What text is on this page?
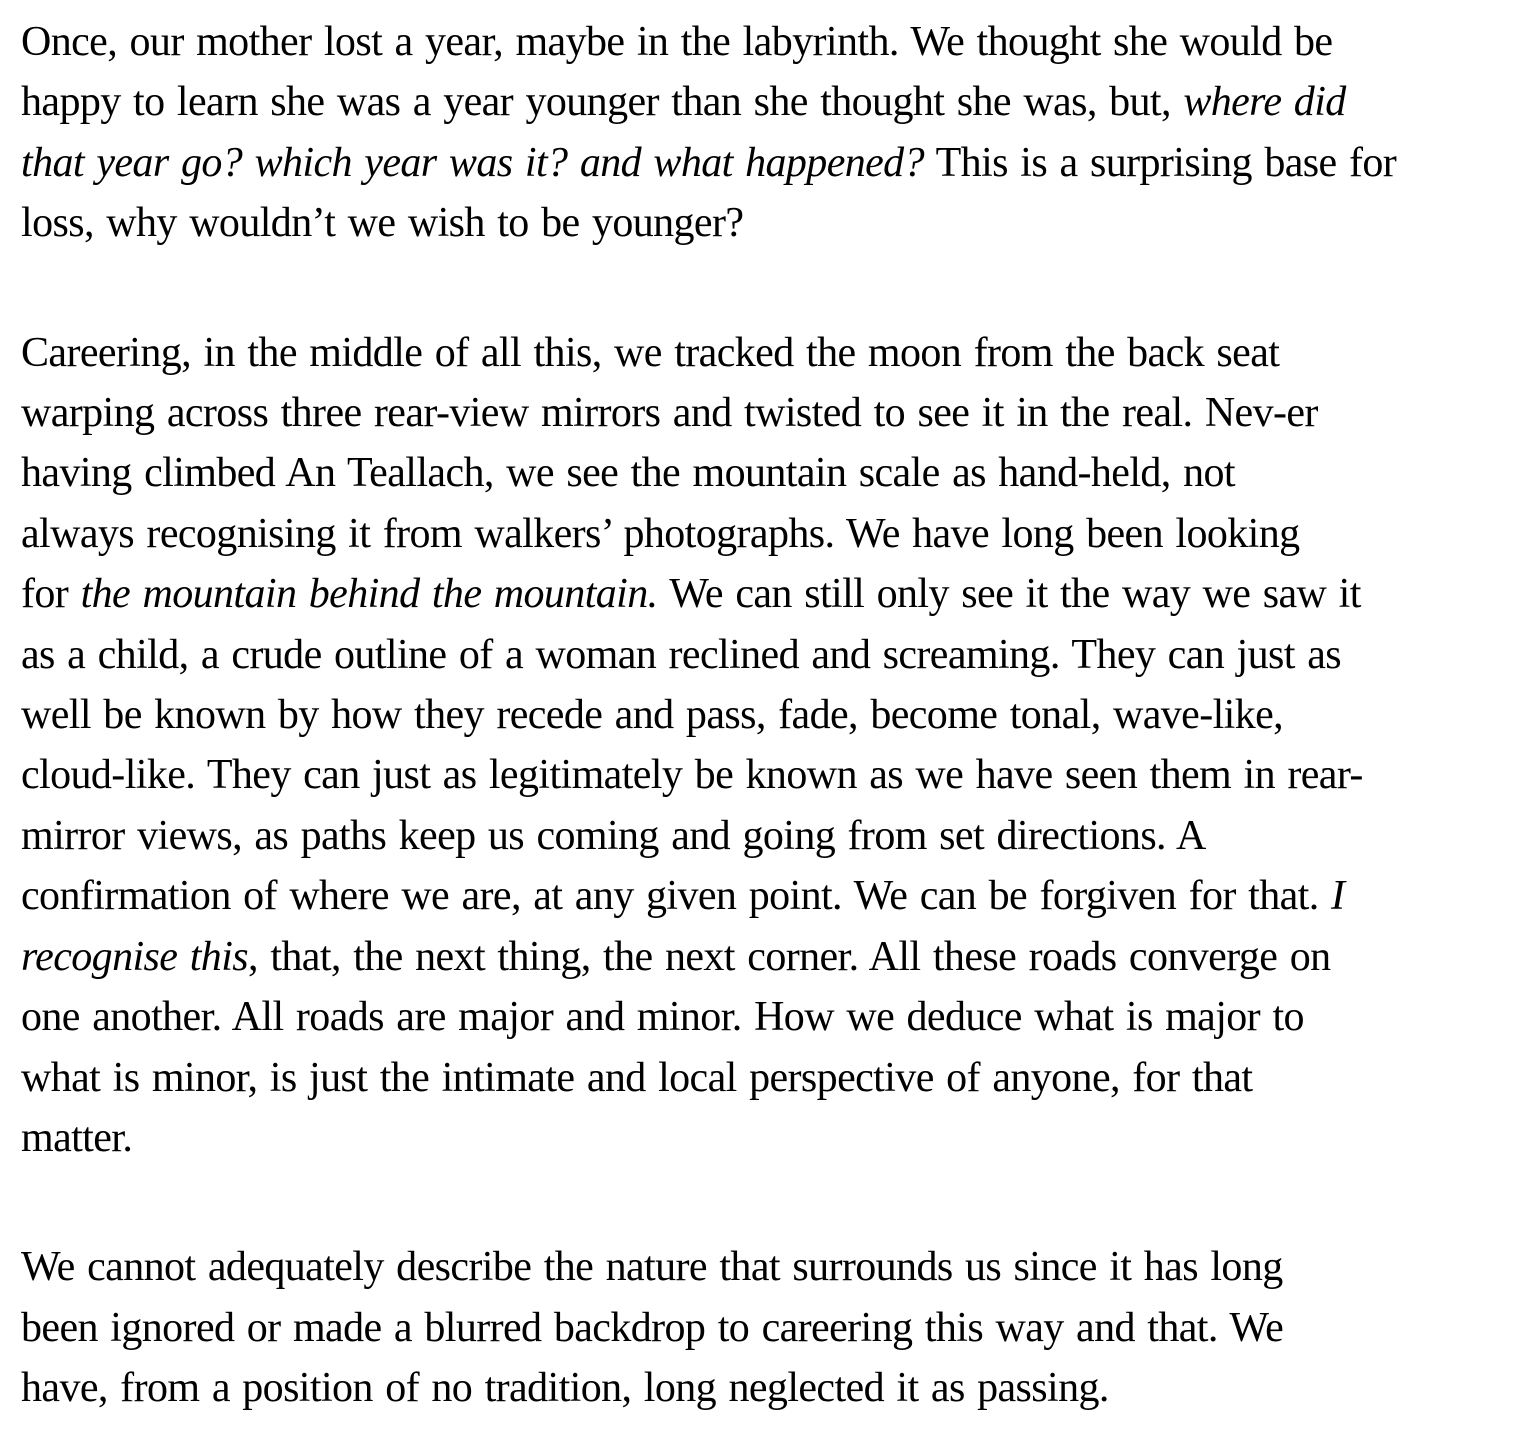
Once, our mother lost a year, maybe in the labyrinth. We thought she would be
happy to learn she was a year younger than she thought she was, but, where did
that year go? which year was it? and what happened? This is a surprising base for
loss, why wouldn’t we wish to be younger?
Careering, in the middle of all this, we tracked the moon from the back seat
warping across three rear-view mirrors and twisted to see it in the real. Nev-er
having climbed An Teallach, we see the mountain scale as hand-held, not
always recognising it from walkers’ photographs. We have long been looking
for the mountain behind the mountain. We can still only see it the way we saw it
as a child, a crude outline of a woman reclined and screaming. They can just as
well be known by how they recede and pass, fade, become tonal, wave-like,
cloud-like. They can just as legitimately be known as we have seen them in rear-
mirror views, as paths keep us coming and going from set directions. A
confirmation of where we are, at any given point. We can be forgiven for that. I
recognise this, that, the next thing, the next corner. All these roads converge on
one another. All roads are major and minor. How we deduce what is major to
what is minor, is just the intimate and local perspective of anyone, for that
matter.
We cannot adequately describe the nature that surrounds us since it has long
been ignored or made a blurred backdrop to careering this way and that. We
have, from a position of no tradition, long neglected it as passing.
